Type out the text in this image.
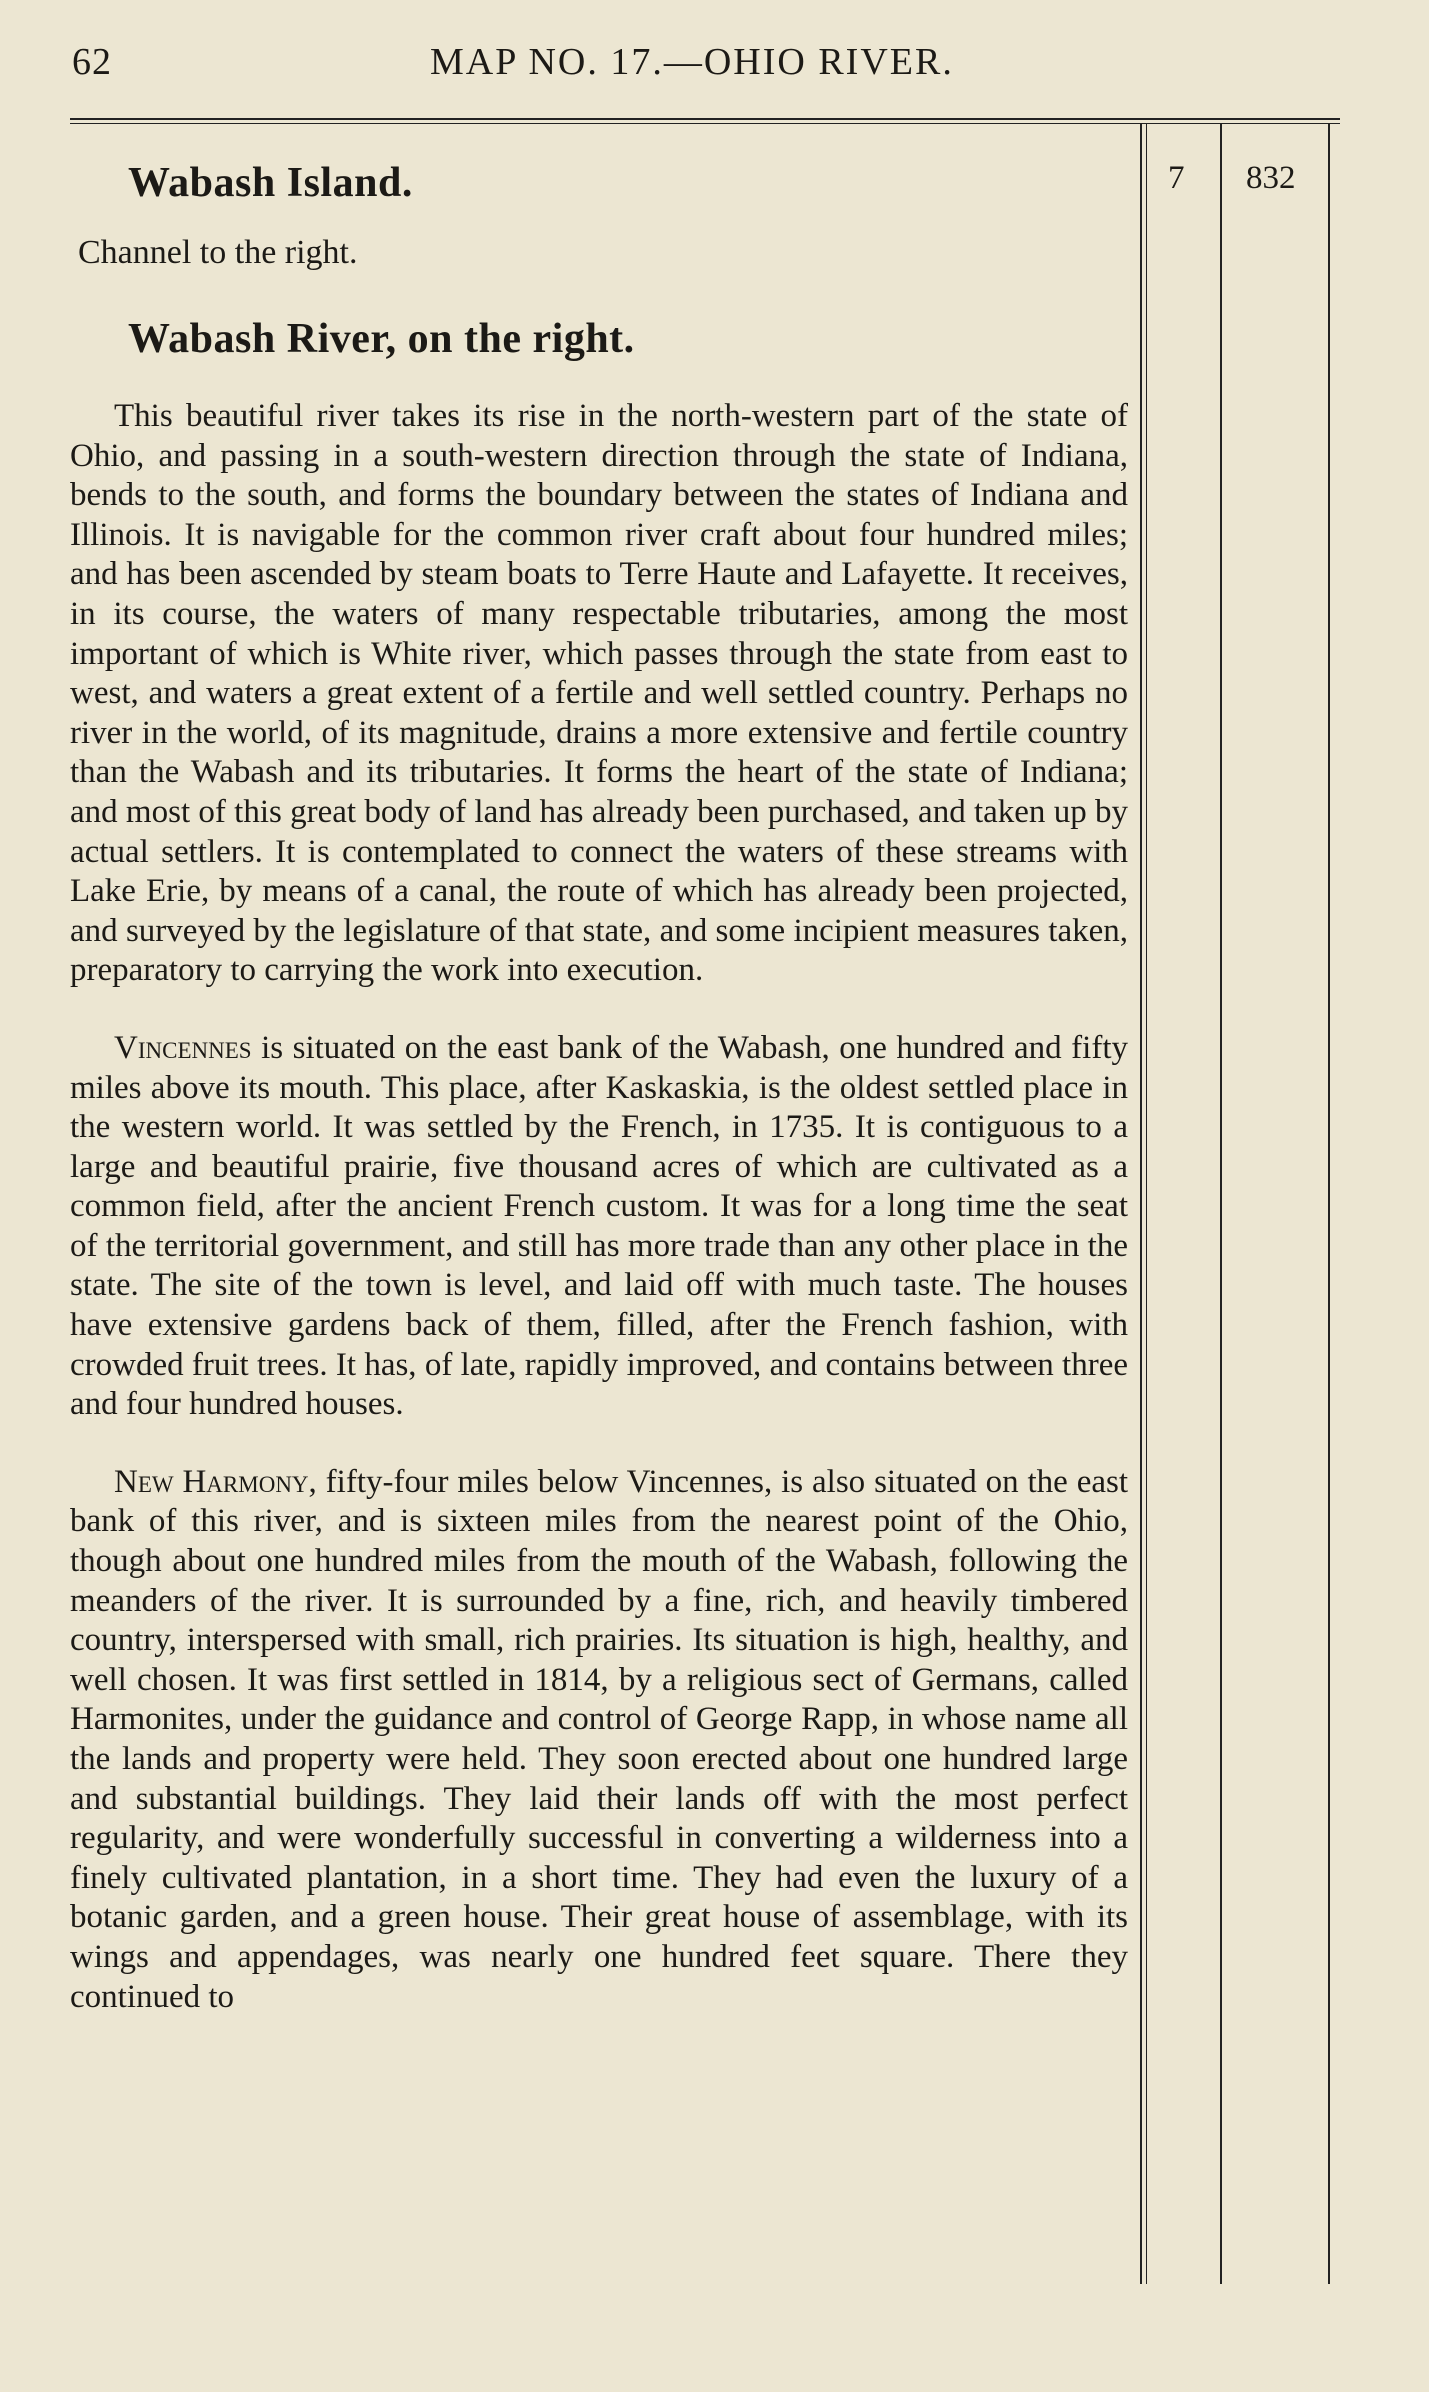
62	MAP NO. 17.—OHIO RIVER.
7 832
Wabash Island.
Channel to the right.
Wabash River, on the right.

This beautiful river takes its rise in the north-western part of the state of Ohio, and passing in a south-western direction through the state of Indiana, bends to the south, and forms the boundary between the states of Indiana and Illinois. It is navigable for the common river craft about four hundred miles; and has been ascended by steam boats to Terre Haute and Lafayette. It receives, in its course, the waters of many respectable tributaries, among the most important of which is White river, which passes through the state from east to west, and waters a great extent of a fertile and well settled country. Perhaps no river in the world, of its magnitude, drains a more extensive and fertile country than the Wabash and its tributaries. It forms the heart of the state of Indiana; and most of this great body of land has already been purchased, and taken up by actual settlers. It is contemplated to connect the waters of these streams with Lake Erie, by means of a canal, the route of which has already been projected, and surveyed by the legislature of that state, and some incipient measures taken, preparatory to carrying the work into execution.

Vincennes is situated on the east bank of the Wabash, one hundred and fifty miles above its mouth. This place, after Kaskaskia, is the oldest settled place in the western world. It was settled by the French, in 1735. It is contiguous to a large and beautiful prairie, five thousand acres of which are cultivated as a common field, after the ancient French custom. It was for a long time the seat of the territorial government, and still has more trade than any other place in the state. The site of the town is level, and laid off with much taste. The houses have extensive gardens back of them, filled, after the French fashion, with crowded fruit trees. It has, of late, rapidly improved, and contains between three and four hundred houses.

New Harmony, fifty-four miles below Vincennes, is also situated on the east bank of this river, and is sixteen miles from the nearest point of the Ohio, though about one hundred miles from the mouth of the Wabash, following the meanders of the river. It is surrounded by a fine, rich, and heavily timbered country, interspersed with small, rich prairies. Its situation is high, healthy, and well chosen. It was first settled in 1814, by a religious sect of Germans, called Harmonites, under the guidance and control of George Rapp, in whose name all the lands and property were held. They soon erected about one hundred large and substantial buildings. They laid their lands off with the most perfect regularity, and were wonderfully successful in converting a wilderness into a finely cultivated plantation, in a short time. They had even the luxury of a botanic garden, and a green house. Their great house of assemblage, with its wings and appendages, was nearly one hundred feet square. There they continued to
